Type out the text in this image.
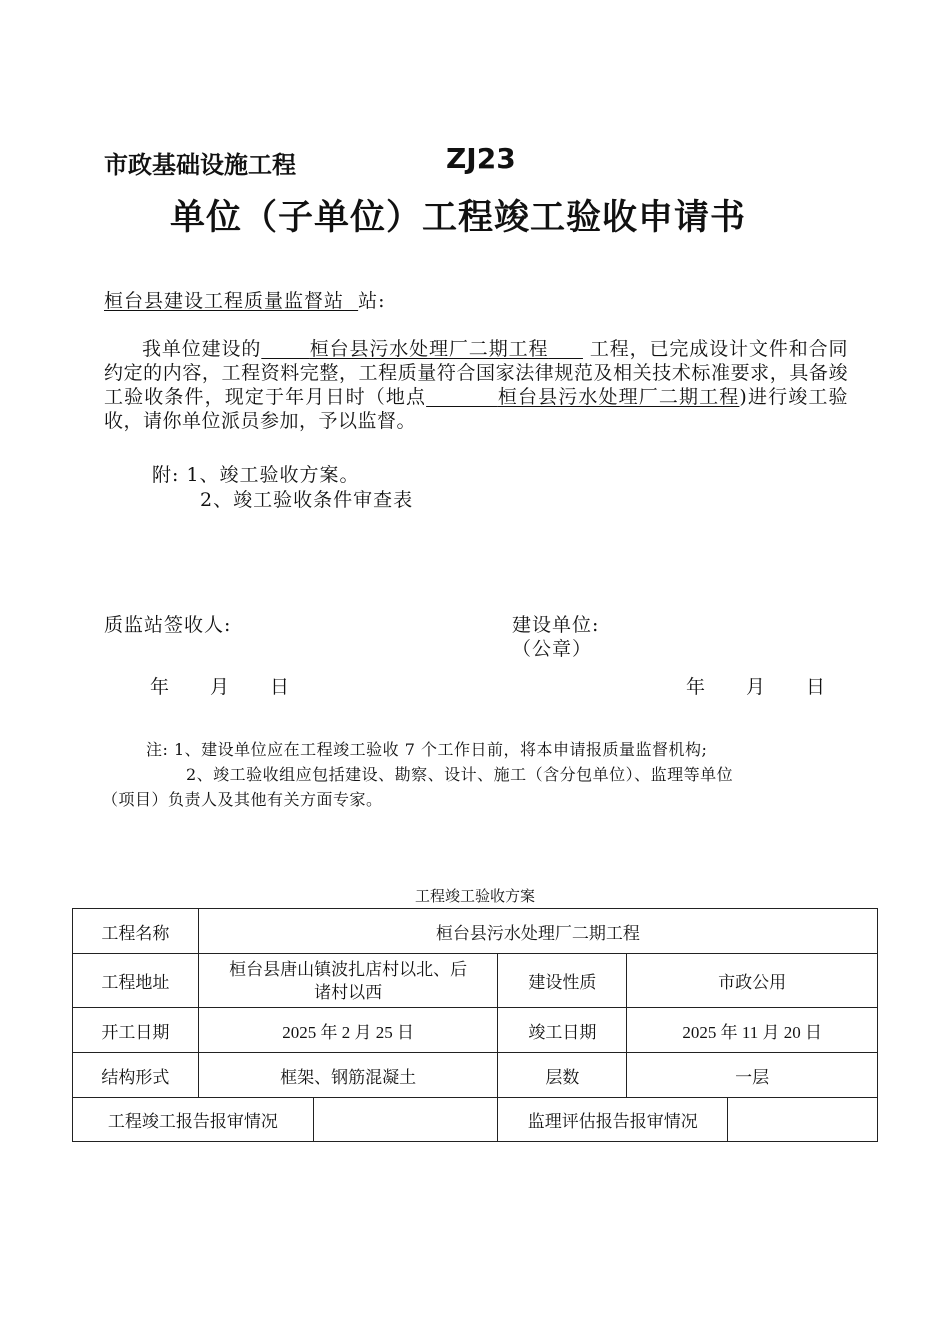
市政基础设施工程	ZJ23
单位（子单位）工程竣工验收申请书
桓台县建设工程质量监督站 站:

我单位建设的	桓台县污水处理厂二期工程 工程，已完成设计文件和合同约定的内容，工程资料完整，工程质量符合国家法律规范及相关技术标准要求，具备竣工验收条件，现定于年月日时（地点	桓台县污水处理厂二期工程)进行竣工验收，请你单位派员参加，予以监督。

附: 1、竣工验收方案。
2、竣工验收条件审查表
质监站签收人:	建设单位:
（公章）
年 月 日	年 月 日
注: 1、建设单位应在工程竣工验收 7 个工作日前，将本申请报质量监督机构;
2、竣工验收组应包括建设、勘察、设计、施工（含分包单位）、监理等单位
（项目）负责人及其他有关方面专家。
工程竣工验收方案
工程名称	桓台县污水处理厂二期工程				
工程地址	桓台县唐山镇波扎店村以北、后
诸村以西		建设性质	市政公用	
开工日期	2025 年 2 月 25 日		竣工日期	2025 年 11 月 20 日	
结构形式	框架、钢筋混凝土		层数	一层	
工程竣工报告报审情况			监理评估报告报审情况		
